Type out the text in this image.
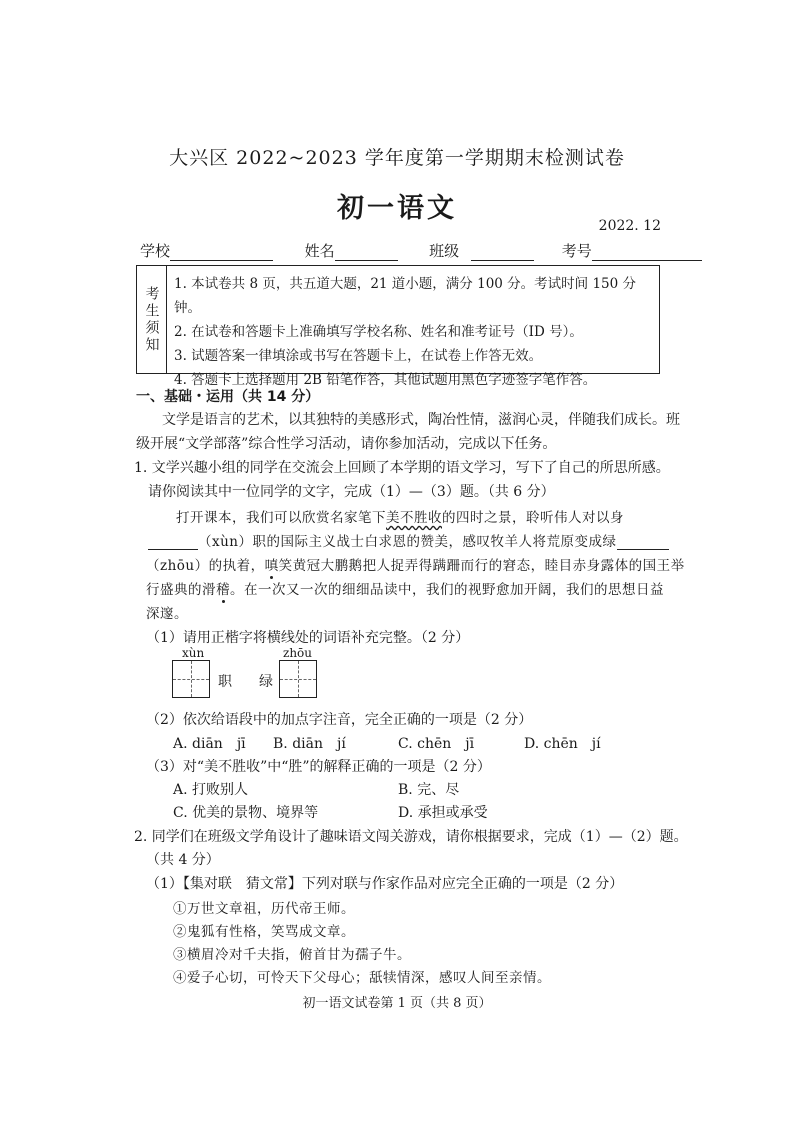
大兴区 2022~2023 学年度第一学期期末检测试卷
初一语文
2022. 12
学校	姓名	班级	考号
考生须知
1. 本试卷共 8 页，共五道大题，21 道小题，满分 100 分。考试时间 150 分钟。
2. 在试卷和答题卡上准确填写学校名称、姓名和准考证号（ID 号）。
3. 试题答案一律填涂或书写在答题卡上，在试卷上作答无效。
4. 答题卡上选择题用 2B 铅笔作答，其他试题用黑色字迹签字笔作答。
一、基础・运用（共 14 分）
文学是语言的艺术，以其独特的美感形式，陶冶性情，滋润心灵，伴随我们成长。班
级开展“文学部落”综合性学习活动，请你参加活动，完成以下任务。
1. 文学兴趣小组的同学在交流会上回顾了本学期的语文学习，写下了自己的所思所感。
请你阅读其中一位同学的文字，完成（1）—（3）题。（共 6 分）
打开课本，我们可以欣赏名家笔下美不胜收的四时之景，聆听伟人对以身
（xùn）职的国际主义战士白求恩的赞美，感叹牧羊人将荒原变成绿
（zhōu）的执着，嗔笑黄冠大鹏鹅把人捉弄得蹒跚而行的窘态，睦目赤身露体的国王举
行盛典的滑稽。在一次又一次的细细品读中，我们的视野愈加开阔，我们的思想日益
深邃。
（1）请用正楷字将横线处的词语补充完整。（2 分）
xùn	zhōu
职 绿
（2）依次给语段中的加点字注音，完全正确的一项是（2 分）
A. diān　jī B. diān　jí	C. chēn　jī	D. chēn　jí
（3）对“美不胜收”中“胜”的解释正确的一项是（2 分）
A. 打败别人	B. 完、尽
C. 优美的景物、境界等	D. 承担或承受
2. 同学们在班级文学角设计了趣味语文闯关游戏，请你根据要求，完成（1）—（2）题。
（共 4 分）
（1）【集对联　猜文常】下列对联与作家作品对应完全正确的一项是（2 分）
①万世文章祖，历代帝王师。
②鬼狐有性格，笑骂成文章。
③横眉冷对千夫指，俯首甘为孺子牛。
④爱子心切，可怜天下父母心；舐犊情深，感叹人间至亲情。
初一语文试卷第 1 页（共 8 页）
